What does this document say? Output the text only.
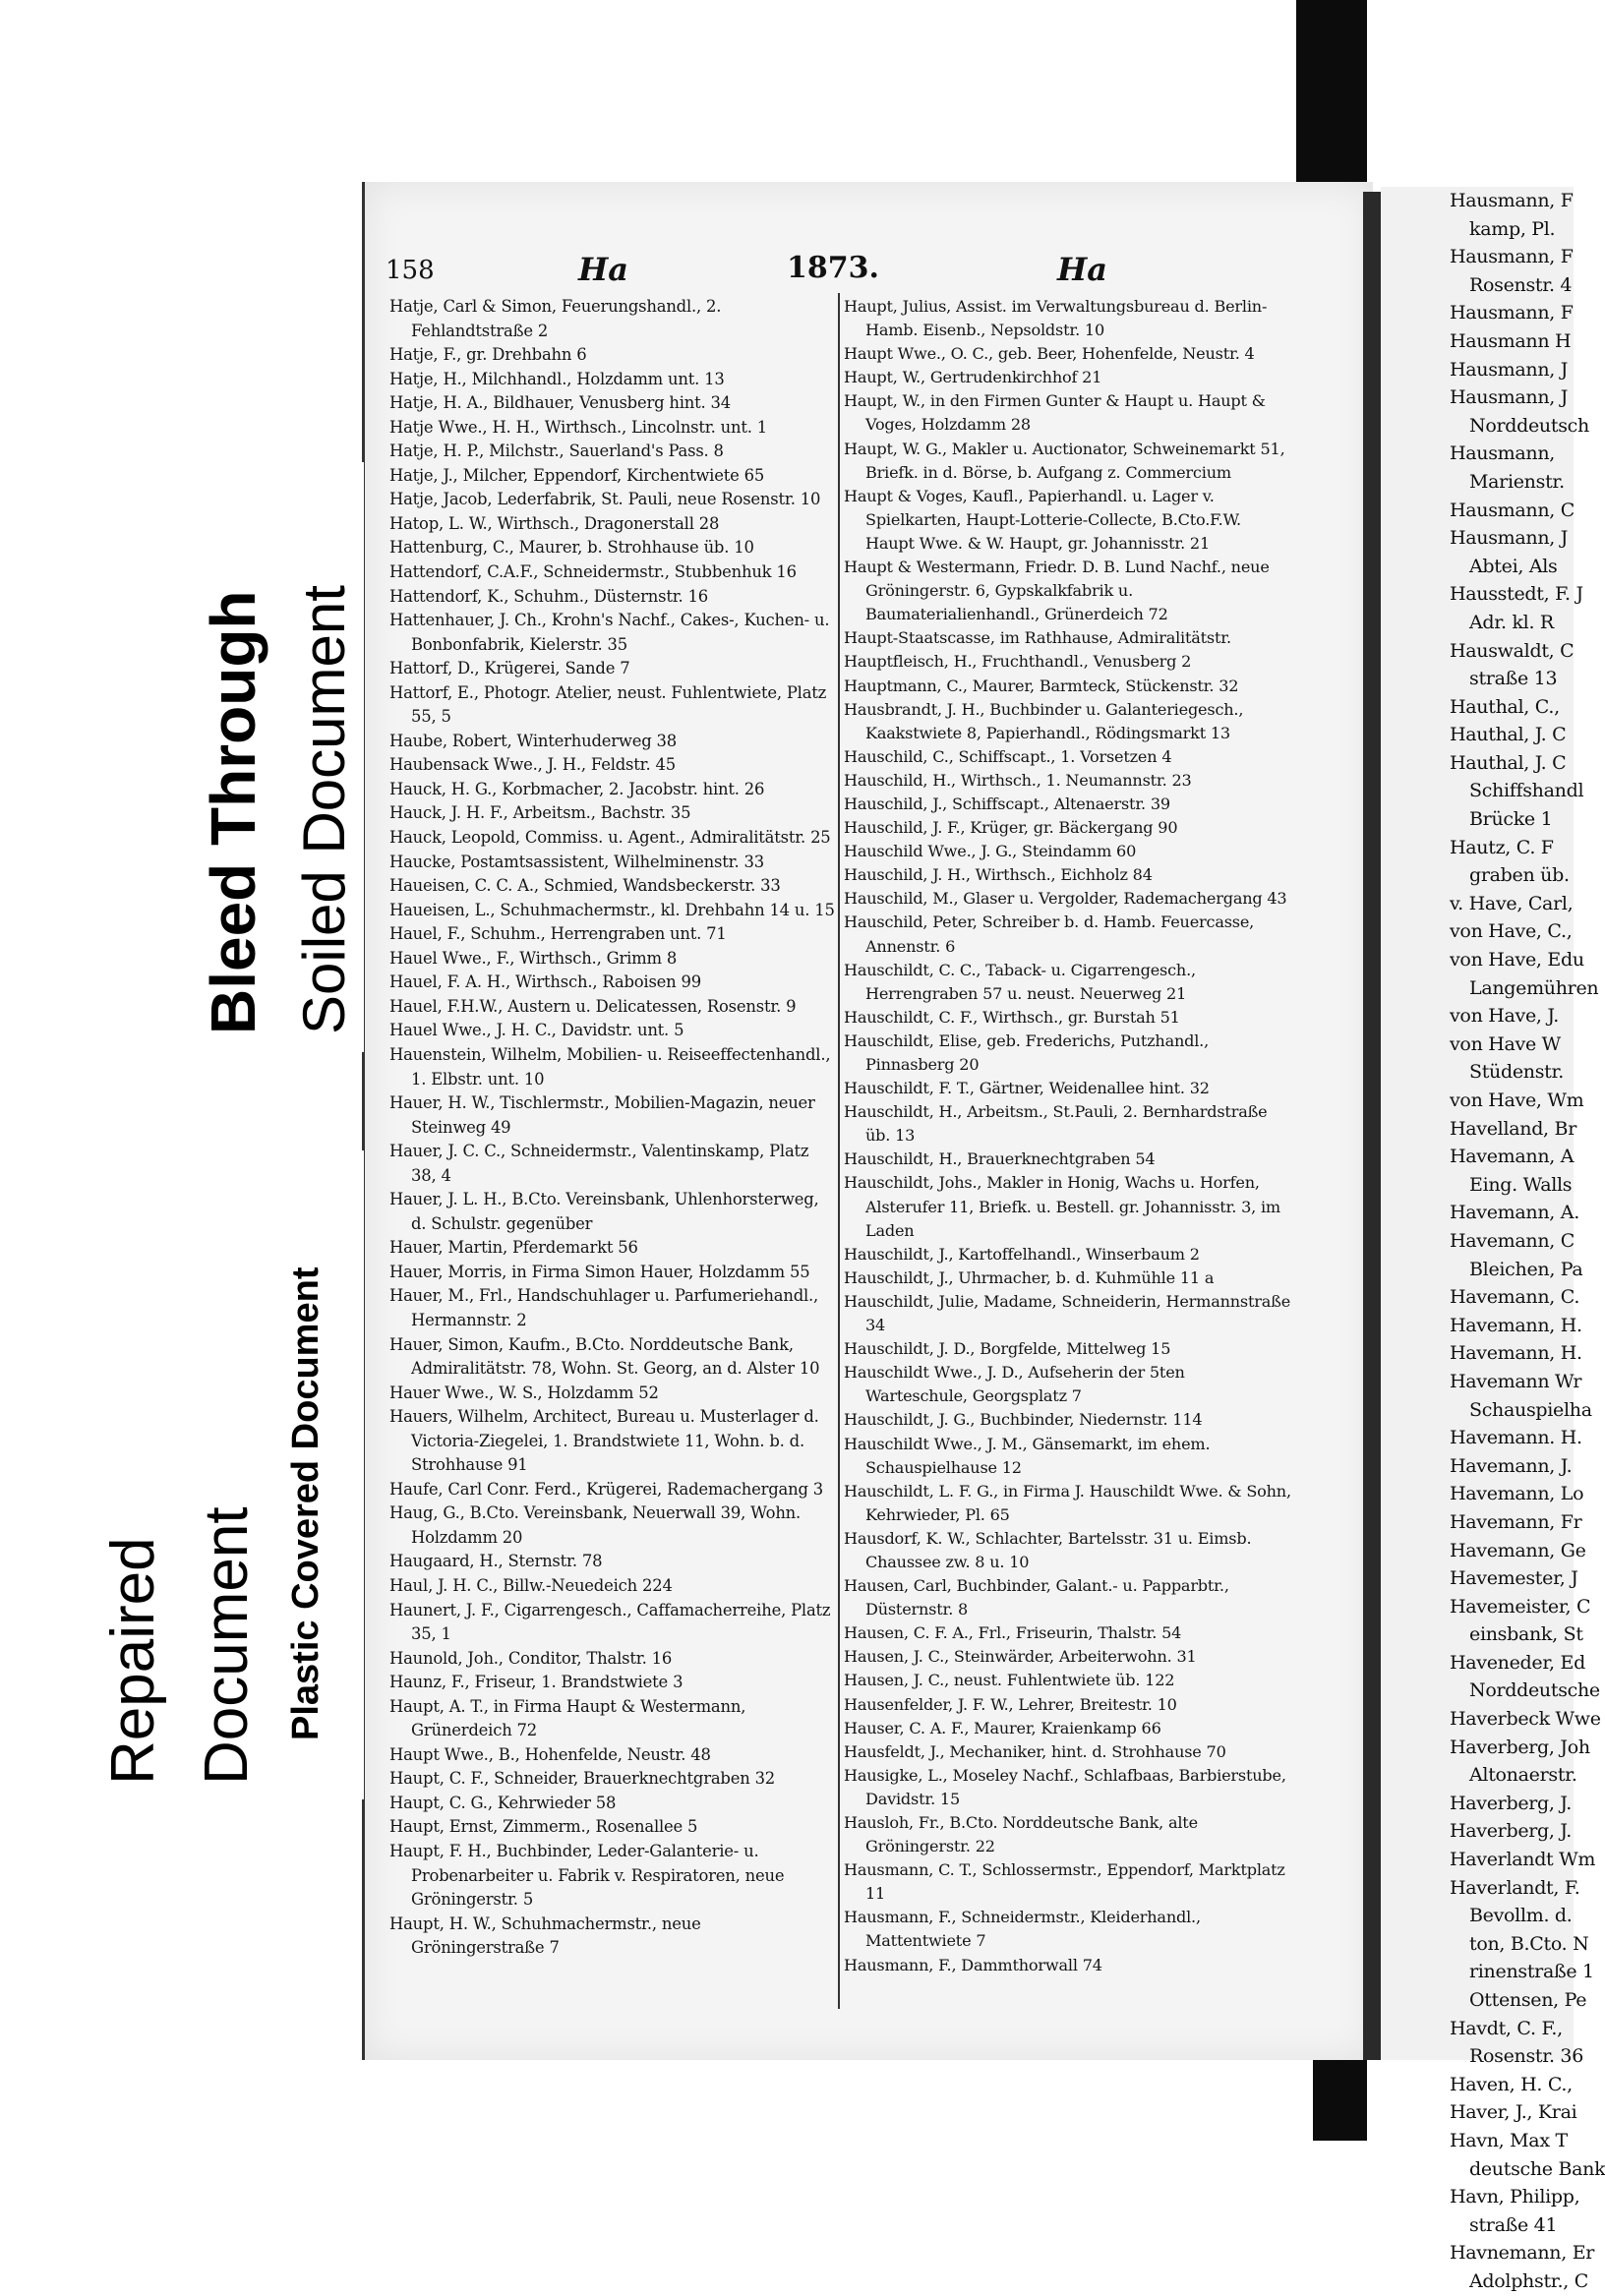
Hausmann, F
kamp, Pl.
Hausmann, F
Rosenstr. 4
Hausmann, F
Hausmann H
Hausmann, J
Hausmann, J
Norddeutsch
Hausmann,
Marienstr.
Hausmann, C
Hausmann, J
Abtei, Als
Hausstedt, F. J
Adr. kl. R
Hauswaldt, C
straße 13
Hauthal, C.,
Hauthal, J. C
Hauthal, J. C
Schiffshandl
Brücke 1
Hautz, C. F
graben üb.
v. Have, Carl,
von Have, C.,
von Have, Edu
Langemühren
von Have, J.
von Have W
Stüdenstr.
von Have, Wm
Havelland, Br
Havemann, A
Eing. Walls
Havemann, A.
Havemann, C
Bleichen, Pa
Havemann, C.
Havemann, H.
Havemann, H.
Havemann Wr
Schauspielha
Havemann. H.
Havemann, J.
Havemann, Lo
Havemann, Fr
Havemann, Ge
Havemester, J
Havemeister, C
einsbank, St
Haveneder, Ed
Norddeutsche
Haverbeck Wwe
Haverberg, Joh
Altonaerstr.
Haverberg, J.
Haverberg, J.
Haverlandt Wm
Haverlandt, F.
Bevollm. d.
ton, B.Cto. N
rinenstraße 1
Ottensen, Pe
Havdt, C. F.,
Rosenstr. 36
Haven, H. C.,
Haver, J., Krai
Havn, Max T
deutsche Bank
Havn, Philipp,
straße 41
Havnemann, Er
Adolphstr., C
158	Ha	1873.	Ha
Hatje, Carl & Simon, Feuerungshandl., 2. Fehlandtstraße 2
Hatje, F., gr. Drehbahn 6
Hatje, H., Milchhandl., Holzdamm unt. 13
Hatje, H. A., Bildhauer, Venusberg hint. 34
Hatje Wwe., H. H., Wirthsch., Lincolnstr. unt. 1
Hatje, H. P., Milchstr., Sauerland's Pass. 8
Hatje, J., Milcher, Eppendorf, Kirchentwiete 65
Hatje, Jacob, Lederfabrik, St. Pauli, neue Rosenstr. 10
Hatop, L. W., Wirthsch., Dragonerstall 28
Hattenburg, C., Maurer, b. Strohhause üb. 10
Hattendorf, C.A.F., Schneidermstr., Stubbenhuk 16
Hattendorf, K., Schuhm., Düsternstr. 16
Hattenhauer, J. Ch., Krohn's Nachf., Cakes-, Kuchen- u. Bonbonfabrik, Kielerstr. 35
Hattorf, D., Krügerei, Sande 7
Hattorf, E., Photogr. Atelier, neust. Fuhlentwiete, Platz 55, 5
Haube, Robert, Winterhuderweg 38
Haubensack Wwe., J. H., Feldstr. 45
Hauck, H. G., Korbmacher, 2. Jacobstr. hint. 26
Hauck, J. H. F., Arbeitsm., Bachstr. 35
Hauck, Leopold, Commiss. u. Agent., Admiralitätstr. 25
Haucke, Postamtsassistent, Wilhelminenstr. 33
Haueisen, C. C. A., Schmied, Wandsbeckerstr. 33
Haueisen, L., Schuhmachermstr., kl. Drehbahn 14 u. 15
Hauel, F., Schuhm., Herrengraben unt. 71
Hauel Wwe., F., Wirthsch., Grimm 8
Hauel, F. A. H., Wirthsch., Raboisen 99
Hauel, F.H.W., Austern u. Delicatessen, Rosenstr. 9
Hauel Wwe., J. H. C., Davidstr. unt. 5
Hauenstein, Wilhelm, Mobilien- u. Reiseeffectenhandl., 1. Elbstr. unt. 10
Hauer, H. W., Tischlermstr., Mobilien-Magazin, neuer Steinweg 49
Hauer, J. C. C., Schneidermstr., Valentinskamp, Platz 38, 4
Hauer, J. L. H., B.Cto. Vereinsbank, Uhlenhorsterweg, d. Schulstr. gegenüber
Hauer, Martin, Pferdemarkt 56
Hauer, Morris, in Firma Simon Hauer, Holzdamm 55
Hauer, M., Frl., Handschuhlager u. Parfumeriehandl., Hermannstr. 2
Hauer, Simon, Kaufm., B.Cto. Norddeutsche Bank, Admiralitätstr. 78, Wohn. St. Georg, an d. Alster 10
Hauer Wwe., W. S., Holzdamm 52
Hauers, Wilhelm, Architect, Bureau u. Musterlager d. Victoria-Ziegelei, 1. Brandstwiete 11, Wohn. b. d. Strohhause 91
Haufe, Carl Conr. Ferd., Krügerei, Rademachergang 3
Haug, G., B.Cto. Vereinsbank, Neuerwall 39, Wohn. Holzdamm 20
Haugaard, H., Sternstr. 78
Haul, J. H. C., Billw.-Neuedeich 224
Haunert, J. F., Cigarrengesch., Caffamacherreihe, Platz 35, 1
Haunold, Joh., Conditor, Thalstr. 16
Haunz, F., Friseur, 1. Brandstwiete 3
Haupt, A. T., in Firma Haupt & Westermann, Grünerdeich 72
Haupt Wwe., B., Hohenfelde, Neustr. 48
Haupt, C. F., Schneider, Brauerknechtgraben 32
Haupt, C. G., Kehrwieder 58
Haupt, Ernst, Zimmerm., Rosenallee 5
Haupt, F. H., Buchbinder, Leder-Galanterie- u. Probenarbeiter u. Fabrik v. Respiratoren, neue Gröningerstr. 5
Haupt, H. W., Schuhmachermstr., neue Gröningerstraße 7
Haupt, Julius, Assist. im Verwaltungsbureau d. Berlin-Hamb. Eisenb., Nepsoldstr. 10
Haupt Wwe., O. C., geb. Beer, Hohenfelde, Neustr. 4
Haupt, W., Gertrudenkirchhof 21
Haupt, W., in den Firmen Gunter & Haupt u. Haupt & Voges, Holzdamm 28
Haupt, W. G., Makler u. Auctionator, Schweinemarkt 51, Briefk. in d. Börse, b. Aufgang z. Commercium
Haupt & Voges, Kaufl., Papierhandl. u. Lager v. Spielkarten, Haupt-Lotterie-Collecte, B.Cto.F.W. Haupt Wwe. & W. Haupt, gr. Johannisstr. 21
Haupt & Westermann, Friedr. D. B. Lund Nachf., neue Gröningerstr. 6, Gypskalkfabrik u. Baumaterialienhandl., Grünerdeich 72
Haupt-Staatscasse, im Rathhause, Admiralitätstr.
Hauptfleisch, H., Fruchthandl., Venusberg 2
Hauptmann, C., Maurer, Barmteck, Stückenstr. 32
Hausbrandt, J. H., Buchbinder u. Galanteriegesch., Kaakstwiete 8, Papierhandl., Rödingsmarkt 13
Hauschild, C., Schiffscapt., 1. Vorsetzen 4
Hauschild, H., Wirthsch., 1. Neumannstr. 23
Hauschild, J., Schiffscapt., Altenaerstr. 39
Hauschild, J. F., Krüger, gr. Bäckergang 90
Hauschild Wwe., J. G., Steindamm 60
Hauschild, J. H., Wirthsch., Eichholz 84
Hauschild, M., Glaser u. Vergolder, Rademachergang 43
Hauschild, Peter, Schreiber b. d. Hamb. Feuercasse, Annenstr. 6
Hauschildt, C. C., Taback- u. Cigarrengesch., Herrengraben 57 u. neust. Neuerweg 21
Hauschildt, C. F., Wirthsch., gr. Burstah 51
Hauschildt, Elise, geb. Frederichs, Putzhandl., Pinnasberg 20
Hauschildt, F. T., Gärtner, Weidenallee hint. 32
Hauschildt, H., Arbeitsm., St.Pauli, 2. Bernhardstraße üb. 13
Hauschildt, H., Brauerknechtgraben 54
Hauschildt, Johs., Makler in Honig, Wachs u. Horfen, Alsterufer 11, Briefk. u. Bestell. gr. Johannisstr. 3, im Laden
Hauschildt, J., Kartoffelhandl., Winserbaum 2
Hauschildt, J., Uhrmacher, b. d. Kuhmühle 11 a
Hauschildt, Julie, Madame, Schneiderin, Hermannstraße 34
Hauschildt, J. D., Borgfelde, Mittelweg 15
Hauschildt Wwe., J. D., Aufseherin der 5ten Warteschule, Georgsplatz 7
Hauschildt, J. G., Buchbinder, Niedernstr. 114
Hauschildt Wwe., J. M., Gänsemarkt, im ehem. Schauspielhause 12
Hauschildt, L. F. G., in Firma J. Hauschildt Wwe. & Sohn, Kehrwieder, Pl. 65
Hausdorf, K. W., Schlachter, Bartelsstr. 31 u. Eimsb. Chaussee zw. 8 u. 10
Hausen, Carl, Buchbinder, Galant.- u. Papparbtr., Düsternstr. 8
Hausen, C. F. A., Frl., Friseurin, Thalstr. 54
Hausen, J. C., Steinwärder, Arbeiterwohn. 31
Hausen, J. C., neust. Fuhlentwiete üb. 122
Hausenfelder, J. F. W., Lehrer, Breitestr. 10
Hauser, C. A. F., Maurer, Kraienkamp 66
Hausfeldt, J., Mechaniker, hint. d. Strohhause 70
Hausigke, L., Moseley Nachf., Schlafbaas, Barbierstube, Davidstr. 15
Hausloh, Fr., B.Cto. Norddeutsche Bank, alte Gröningerstr. 22
Hausmann, C. T., Schlossermstr., Eppendorf, Marktplatz 11
Hausmann, F., Schneidermstr., Kleiderhandl., Mattentwiete 7
Hausmann, F., Dammthorwall 74
Bleed Through Soiled Document
Repaired Document Plastic Covered Document
